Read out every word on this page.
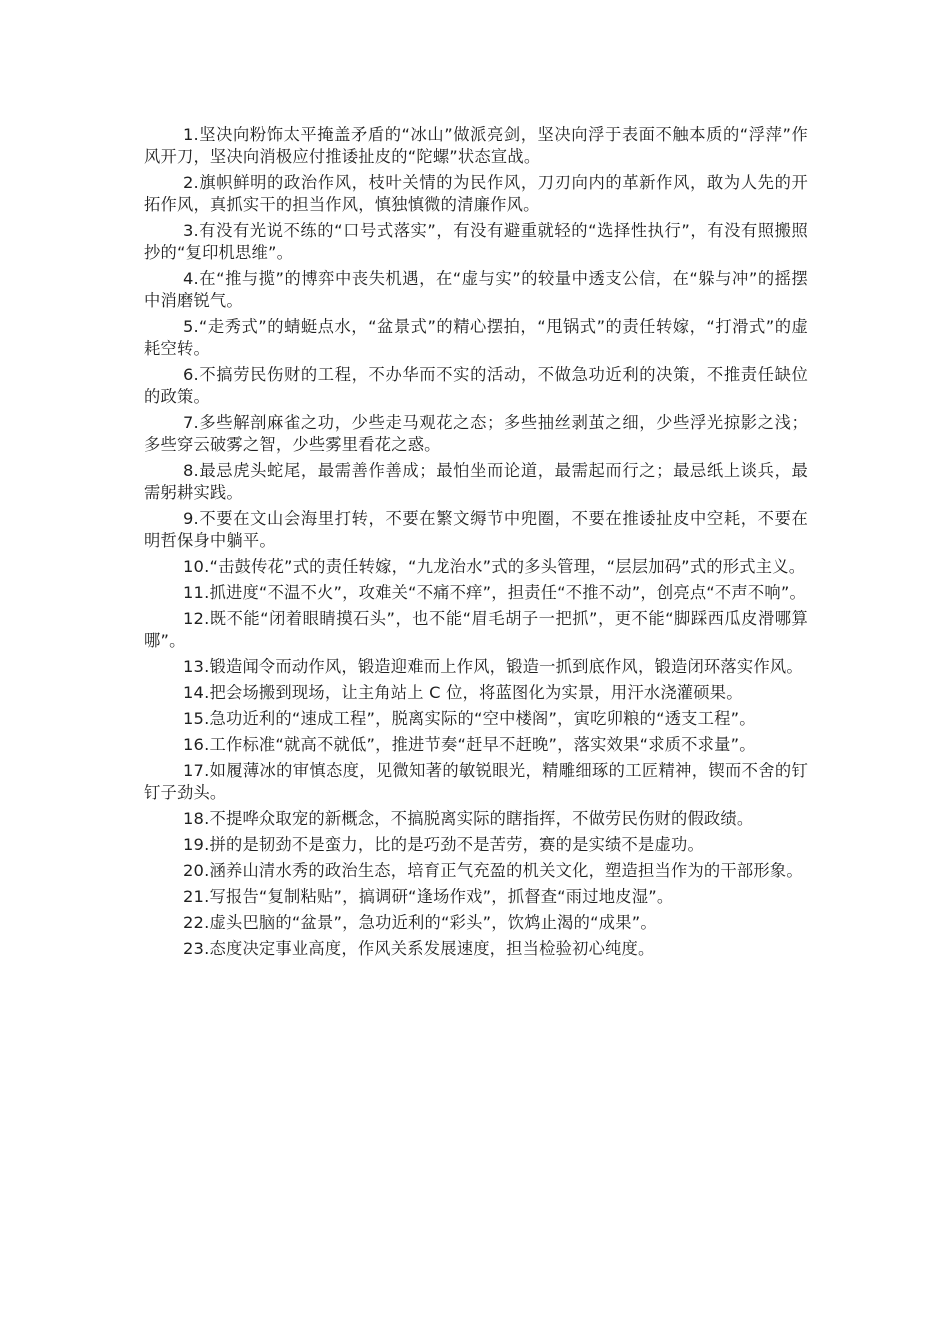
1.坚决向粉饰太平掩盖矛盾的“冰山”做派亮剑，坚决向浮于表面不触本质的“浮萍”作风开刀，坚决向消极应付推诿扯皮的“陀螺”状态宣战。

2.旗帜鲜明的政治作风，枝叶关情的为民作风，刀刃向内的革新作风，敢为人先的开拓作风，真抓实干的担当作风，慎独慎微的清廉作风。

3.有没有光说不练的“口号式落实”，有没有避重就轻的“选择性执行”，有没有照搬照抄的“复印机思维”。

4.在“推与揽”的博弈中丧失机遇，在“虚与实”的较量中透支公信，在“躲与冲”的摇摆中消磨锐气。

5.“走秀式”的蜻蜓点水，“盆景式”的精心摆拍，“甩锅式”的责任转嫁，“打滑式”的虚耗空转。

6.不搞劳民伤财的工程，不办华而不实的活动，不做急功近利的决策，不推责任缺位的政策。

7.多些解剖麻雀之功，少些走马观花之态；多些抽丝剥茧之细，少些浮光掠影之浅；多些穿云破雾之智，少些雾里看花之惑。

8.最忌虎头蛇尾，最需善作善成；最怕坐而论道，最需起而行之；最忌纸上谈兵，最需躬耕实践。

9.不要在文山会海里打转，不要在繁文缛节中兜圈，不要在推诿扯皮中空耗，不要在明哲保身中躺平。

10.“击鼓传花”式的责任转嫁，“九龙治水”式的多头管理，“层层加码”式的形式主义。

11.抓进度“不温不火”，攻难关“不痛不痒”，担责任“不推不动”，创亮点“不声不响”。

12.既不能“闭着眼睛摸石头”，也不能“眉毛胡子一把抓”，更不能“脚踩西瓜皮滑哪算哪”。

13.锻造闻令而动作风，锻造迎难而上作风，锻造一抓到底作风，锻造闭环落实作风。

14.把会场搬到现场，让主角站上 C 位，将蓝图化为实景，用汗水浇灌硕果。

15.急功近利的“速成工程”，脱离实际的“空中楼阁”，寅吃卯粮的“透支工程”。

16.工作标准“就高不就低”，推进节奏“赶早不赶晚”，落实效果“求质不求量”。

17.如履薄冰的审慎态度，见微知著的敏锐眼光，精雕细琢的工匠精神，锲而不舍的钉钉子劲头。

18.不提哗众取宠的新概念，不搞脱离实际的瞎指挥，不做劳民伤财的假政绩。

19.拼的是韧劲不是蛮力，比的是巧劲不是苦劳，赛的是实绩不是虚功。

20.涵养山清水秀的政治生态，培育正气充盈的机关文化，塑造担当作为的干部形象。

21.写报告“复制粘贴”，搞调研“逢场作戏”，抓督查“雨过地皮湿”。

22.虚头巴脑的“盆景”，急功近利的“彩头”，饮鸩止渴的“成果”。

23.态度决定事业高度，作风关系发展速度，担当检验初心纯度。
